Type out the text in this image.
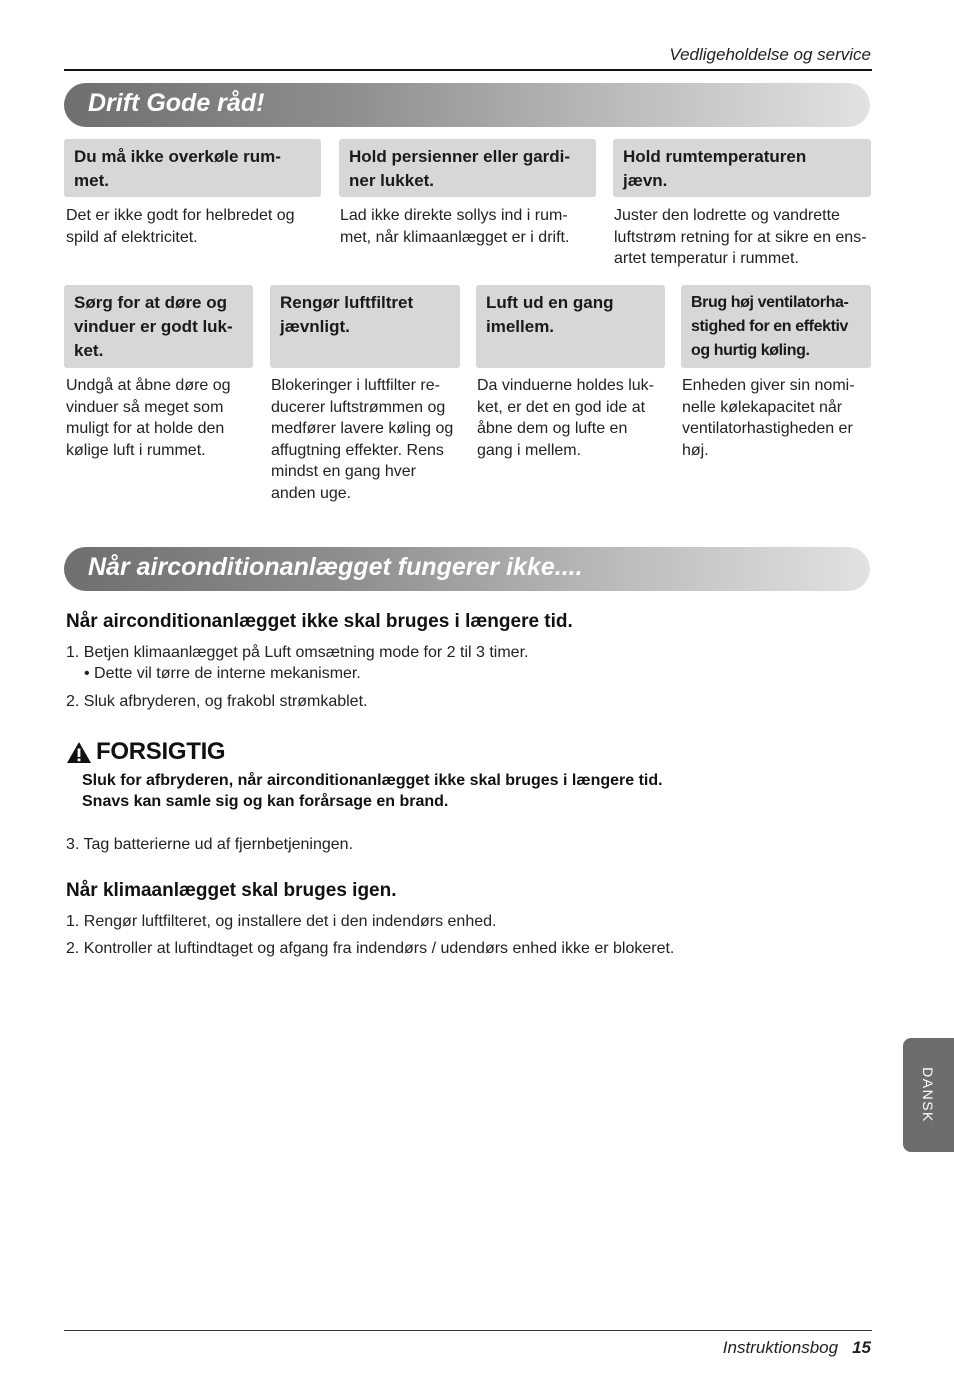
Vedligeholdelse og service
Drift Gode råd!
Du må ikke overkøle rum-
met.
Det er ikke godt for helbredet og
spild af elektricitet.
Hold persienner eller gardi-
ner lukket.
Lad ikke direkte sollys ind i rum-
met, når klimaanlægget er i drift.
Hold rumtemperaturen
jævn.
Juster den lodrette og vandrette
luftstrøm retning for at sikre en ens-
artet temperatur i rummet.
Sørg for at døre og
vinduer er godt luk-
ket.
Undgå at åbne døre og
vinduer så meget som
muligt for at holde den
kølige luft i rummet.
Rengør luftfiltret
jævnligt.
Blokeringer i luftfilter re-
ducerer luftstrømmen og
medfører lavere køling og
affugtning effekter. Rens
mindst en gang hver
anden uge.
Luft ud en gang
imellem.
Da vinduerne holdes luk-
ket, er det en god ide at
åbne dem og lufte en
gang i mellem.
Brug høj ventilatorha-
stighed for en effektiv
og hurtig køling.
Enheden giver sin nomi-
nelle kølekapacitet når
ventilatorhastigheden er
høj.
Når airconditionanlægget fungerer ikke....
Når airconditionanlægget ikke skal bruges i længere tid.
1. Betjen klimaanlægget på Luft omsætning mode for 2 til 3 timer.
• Dette vil tørre de interne mekanismer.
2. Sluk afbryderen, og frakobl strømkablet.
FORSIGTIG
Sluk for afbryderen, når airconditionanlægget ikke skal bruges i længere tid.
Snavs kan samle sig og kan forårsage en brand.
3. Tag batterierne ud af fjernbetjeningen.
Når klimaanlægget skal bruges igen.
1. Rengør luftfilteret, og installere det i den indendørs enhed.
2. Kontroller at luftindtaget og afgang fra indendørs / udendørs enhed ikke er blokeret.
DANSK
Instruktionsbog 15
